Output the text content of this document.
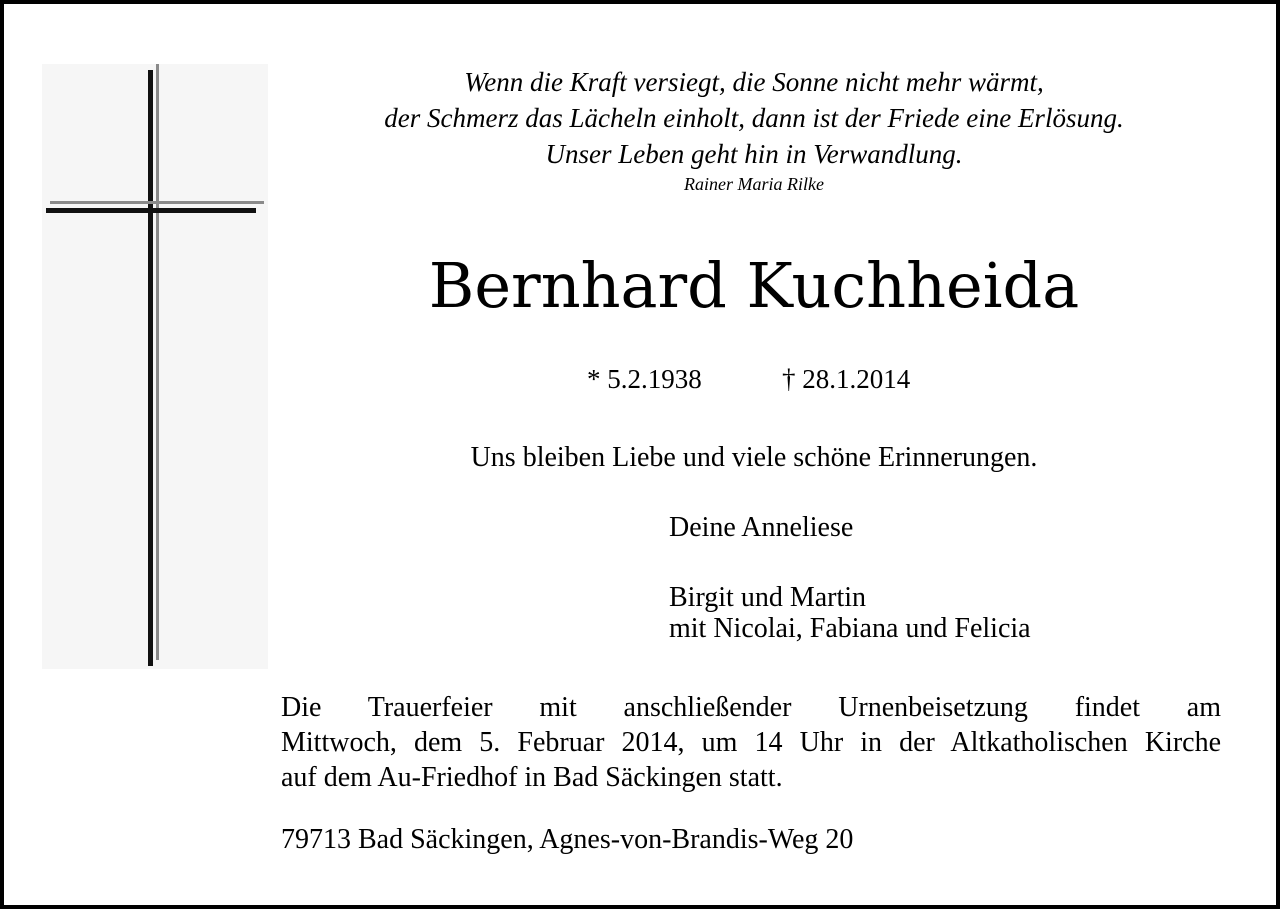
Wenn die Kraft versiegt, die Sonne nicht mehr wärmt,
der Schmerz das Lächeln einholt, dann ist der Friede eine Erlösung.
Unser Leben geht hin in Verwandlung.
Rainer Maria Rilke
Bernhard Kuchheida
* 5.2.1938	† 28.1.2014
Uns bleiben Liebe und viele schöne Erinnerungen.
Deine Anneliese
Birgit und Martin
mit Nicolai, Fabiana und Felicia
Die Trauerfeier mit anschließender Urnenbeisetzung findet am
Mittwoch, dem 5. Februar 2014, um 14 Uhr in der Altkatholischen Kirche
auf dem Au-Friedhof in Bad Säckingen statt.
79713 Bad Säckingen, Agnes-von-Brandis-Weg 20
